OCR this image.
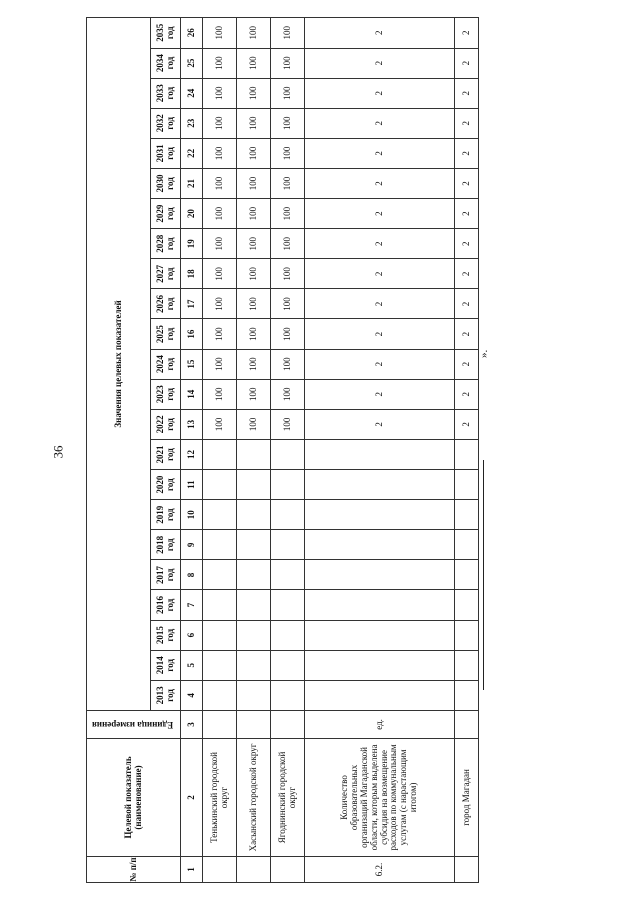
36
».
№ п/п	Целевой показатель (наименование)	Единица измерения	Значения целевых показателей																						
			2013 год	2014 год	2015 год	2016 год	2017 год	2018 год	2019 год	2020 год	2021 год	2022 год	2023 год	2024 год	2025 год	2026 год	2027 год	2028 год	2029 год	2030 год	2031 год	2032 год	2033 год	2034 год	2035 год
1	2	3	4	5	6	7	8	9	10	11	12	13	14	15	16	17	18	19	20	21	22	23	24	25	26
	Тенькинский городской округ											100	100	100	100	100	100	100	100	100	100	100	100	100	100
	Хасынский городской округ											100	100	100	100	100	100	100	100	100	100	100	100	100	100
	Ягоднинский городской округ											100	100	100	100	100	100	100	100	100	100	100	100	100	100
6.2.	Количество образовательных организаций Магаданской области, которым выделена субсидия на возмещение расходов по коммунальным услугам (с нарастающим итогом)	ед.										2	2	2	2	2	2	2	2	2	2	2	2	2	2
	город Магадан											2	2	2	2	2	2	2	2	2	2	2	2	2	2
